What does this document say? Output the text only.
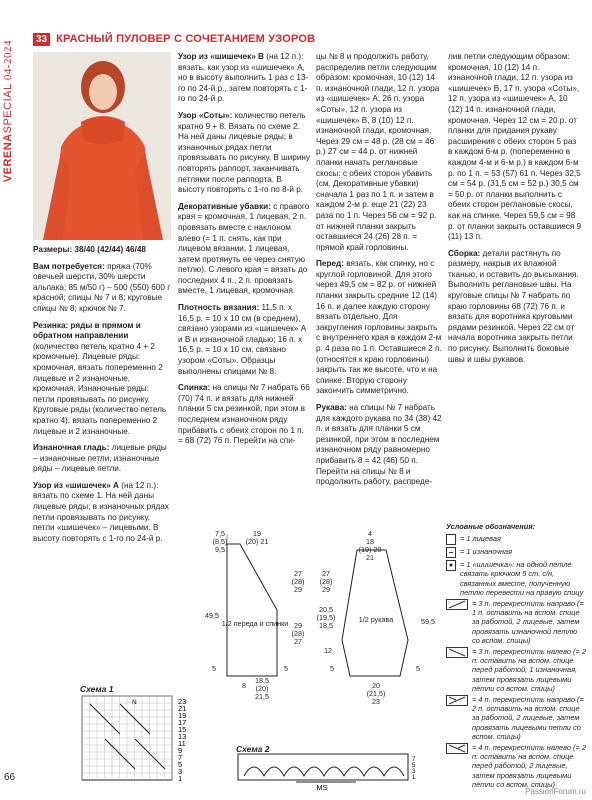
VERENASPECIAL 04-2024
66
33 КРАСНЫЙ ПУЛОВЕР С СОЧЕТАНИЕМ УЗОРОВ

Размеры: 38/40 (42/44) 46/48

Вам потребуется: пряжа (70% овечьей шерсти, 30% шерсти альпака; 85 м/50 г) – 500 (550) 600 г красной; спицы № 7 и 8; круговые спицы № 8; крючок № 7.

Резинка: ряды в прямом и обратном направлении (количество петель кратно 4 + 2 кромочные). Лицевые ряды: кромочная, вязать попеременно 2 лицевые и 2 изнаночные, кромочная. Изнаночные ряды: петли провязывать по рисунку. Круговые ряды (количество петель кратно 4): вязать попеременно 2 лицевые и 2 изнаночные.

Изнаночная гладь: лицевые ряды – изнаночные петли, изнаночные ряды – лицевые петли.

Узор из «шишечек» А (на 12 п.): вязать по схеме 1. На ней даны лицевые ряды; в изнаночных рядах петли провязывать по рисунку, петли «шишечек» – лицевыми. В высоту повторять с 1-го по 24-й р.

Узор из «шишечек» B (на 12 п.): вязать, как узор из «шишечек» A, но в высоту выполнить 1 раз с 13-го по 24-й р., затем повторять с 1-го по 24-й р.

Узор «Соты»: количество петель кратно 9 + 8. Вязать по схеме 2. На ней даны лицевые ряды; в изнаночных рядах петли провязывать по рисунку. В ширину повторять раппорт, заканчивать петлями после раппорта. В высоту повторять с 1-го по 8-й р.

Декоративные убавки: с правого края = кромочная, 1 лицевая, 2 п. провязать вместе с наклоном влево (= 1 п. снять, как при лицевом вязании, 1 лицевая, затем протянуть ее через снятую петлю). С левого края = вязать до последних 4 п., 2 п. провязать вместе, 1 лицевая, кромочная.

Плотность вязания: 11,5 п. x 16,5 р. = 10 x 10 см (в среднем), связано узорами из «шишечек» А и В и изнаночной гладью; 16 п. x 16,5 р. = 10 x 10 см, связано узором «Соты». Образцы выполнены спицами № 8.

Спинка: на спицы № 7 набрать 66 (70) 74 п. и вязать для нижней планки 5 см резинкой, при этом в последнем изнаночном ряду прибавить с обеих сторон по 1 п. = 68 (72) 76 п. Перейти на спи-

цы № 8 и продолжить работу, распределив петли следующим образом: кромочная, 10 (12) 14 п. изнаночной глади, 12 п. узора из «шишечек» А, 26 п. узора «Соты», 12 п. узора из «шишечек» В, 8 (10) 12 п. изнаночной глади, кромочная. Через 29 см = 48 р. (28 см = 46 р.) 27 см = 44 р. от нижней планки начать реглановые скосы: с обеих сторон убавить (см. Декоративные убавки) сначала 1 раз по 1 п. и затем в каждом 2-м р. еще 21 (22) 23 раза по 1 п. Через 56 см = 92 р. от нижней планки закрыть оставшиеся 24 (26) 28 п. = прямой край горловины.

Перед: вязать, как спинку, но с круглой горловиной. Для этого через 49,5 см = 82 р. от нижней планки закрыть средние 12 (14) 16 п. и далее каждую сторону вязать отдельно. Для закругления горловины закрыть с внутреннего края в каждом 2-м р. 4 раза по 1 п. Оставшиеся 2 п. (относятся к краю горловины) закрыть так же высоте, что и на спинке. Вторую сторону закончить симметрично.

Рукава: на спицы № 7 набрать для каждого рукава по 34 (38) 42 п. и вязать для планки 5 см резинкой, при этом в последнем изнаночном ряду равномерно прибавить 8 = 42 (46) 50 п. Перейти на спицы № 8 и продолжить работу, распреде-

лив петли следующим образом: кромочная, 10 (12) 14 п. изнаночной глади, 12 п. узора из «шишечек» В, 17 п. узора «Соты», 12 п. узора из «шишечек» А, 10 (12) 14 п. изнаночной глади, кромочная. Через 12 см = 20 р. от планки для придания рукаву расширения с обеих сторон 5 раз в каждом 6-м р. (попеременно в каждом 4-м и 6-м р.) в каждом 6-м р. по 1 п. = 53 (57) 61 п. Через 32,5 см = 54 р. (31,5 см = 52 р.) 30,5 см = 50 р. от планки выполнить с обеих сторон реглановые скосы, как на спинке. Через 59,5 см = 98 р. от планки закрыть оставшиеся 9 (11) 13 п.

Сборка: детали растянуть по размеру, накрыв их влажной тканью, и оставить до высыхания. Выполнить реглановые швы. На круговые спицы № 7 набрать по краю горловины 68 (72) 76 п. и вязать для воротника круговыми рядами резинкой. Через 22 см от начала воротника закрыть петли по рисунку. Выполнить боковые швы и швы рукавов.

Условные обозначения:
= 1 лицевая
= 1 изнаночная
● = 1 «шишечка»: на одной петле связать крючком 5 ст. с/н, связанных вместе, полученную петлю перевести на правую спицу
= 3 п. перекрестить направо (= 1 п. оставить на вспом. спице за работой, 2 лицевые, затем провязать изнаночной петлю со вспом. спицы)
= 3 п. перекрестить налево (= 2 п. оставить на вспом. спице перед работой, 1 изнаночная, затем провязать лицевыми петли со вспом. спицы)
= 4 п. перекрестить направо (= 2 п. оставить на вспом. спице за работой, 2 лицевые, затем провязать лицевыми петли со вспом. спицы)
= 4 п. перекрестить налево (= 2 п. оставить на вспом. спице перед работой, 2 лицевые, затем провязать лицевыми петли со вспом. спицы)
1/2 переда и спинки
7,5
(8,5)
9,5
19
(20) 21
49,5
5
27
(28)
29
29
(28)
27
5
8
18,5
(20)
21,5
1/2 рукава
4
18
(19) 20
21
27
(28)
29
20,5
(19,5)
18,5
12
5
59,5
5
20
(21,5)
23
Схема 1
N	23
21
19
17
15
13
11
9
7
5
3
1
Схема 2
MS
7
5
3
1
PassionForum.ru
